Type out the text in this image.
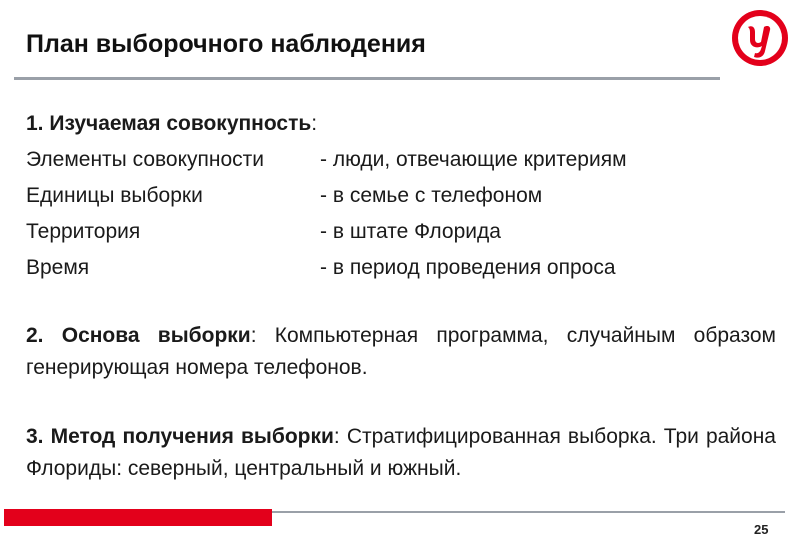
План выборочного наблюдения

1. Изучаемая совокупность:

Элементы совокупности	- люди, отвечающие критериям
Единицы выборки	- в семье с телефоном
Территория	- в штате Флорида
Время	- в период проведения опроса

2. Основа выборки: Компьютерная программа, случайным образом генерирующая номера телефонов.

3. Метод получения выборки: Стратифицированная выборка. Три района Флориды: северный, центральный и южный.

25
